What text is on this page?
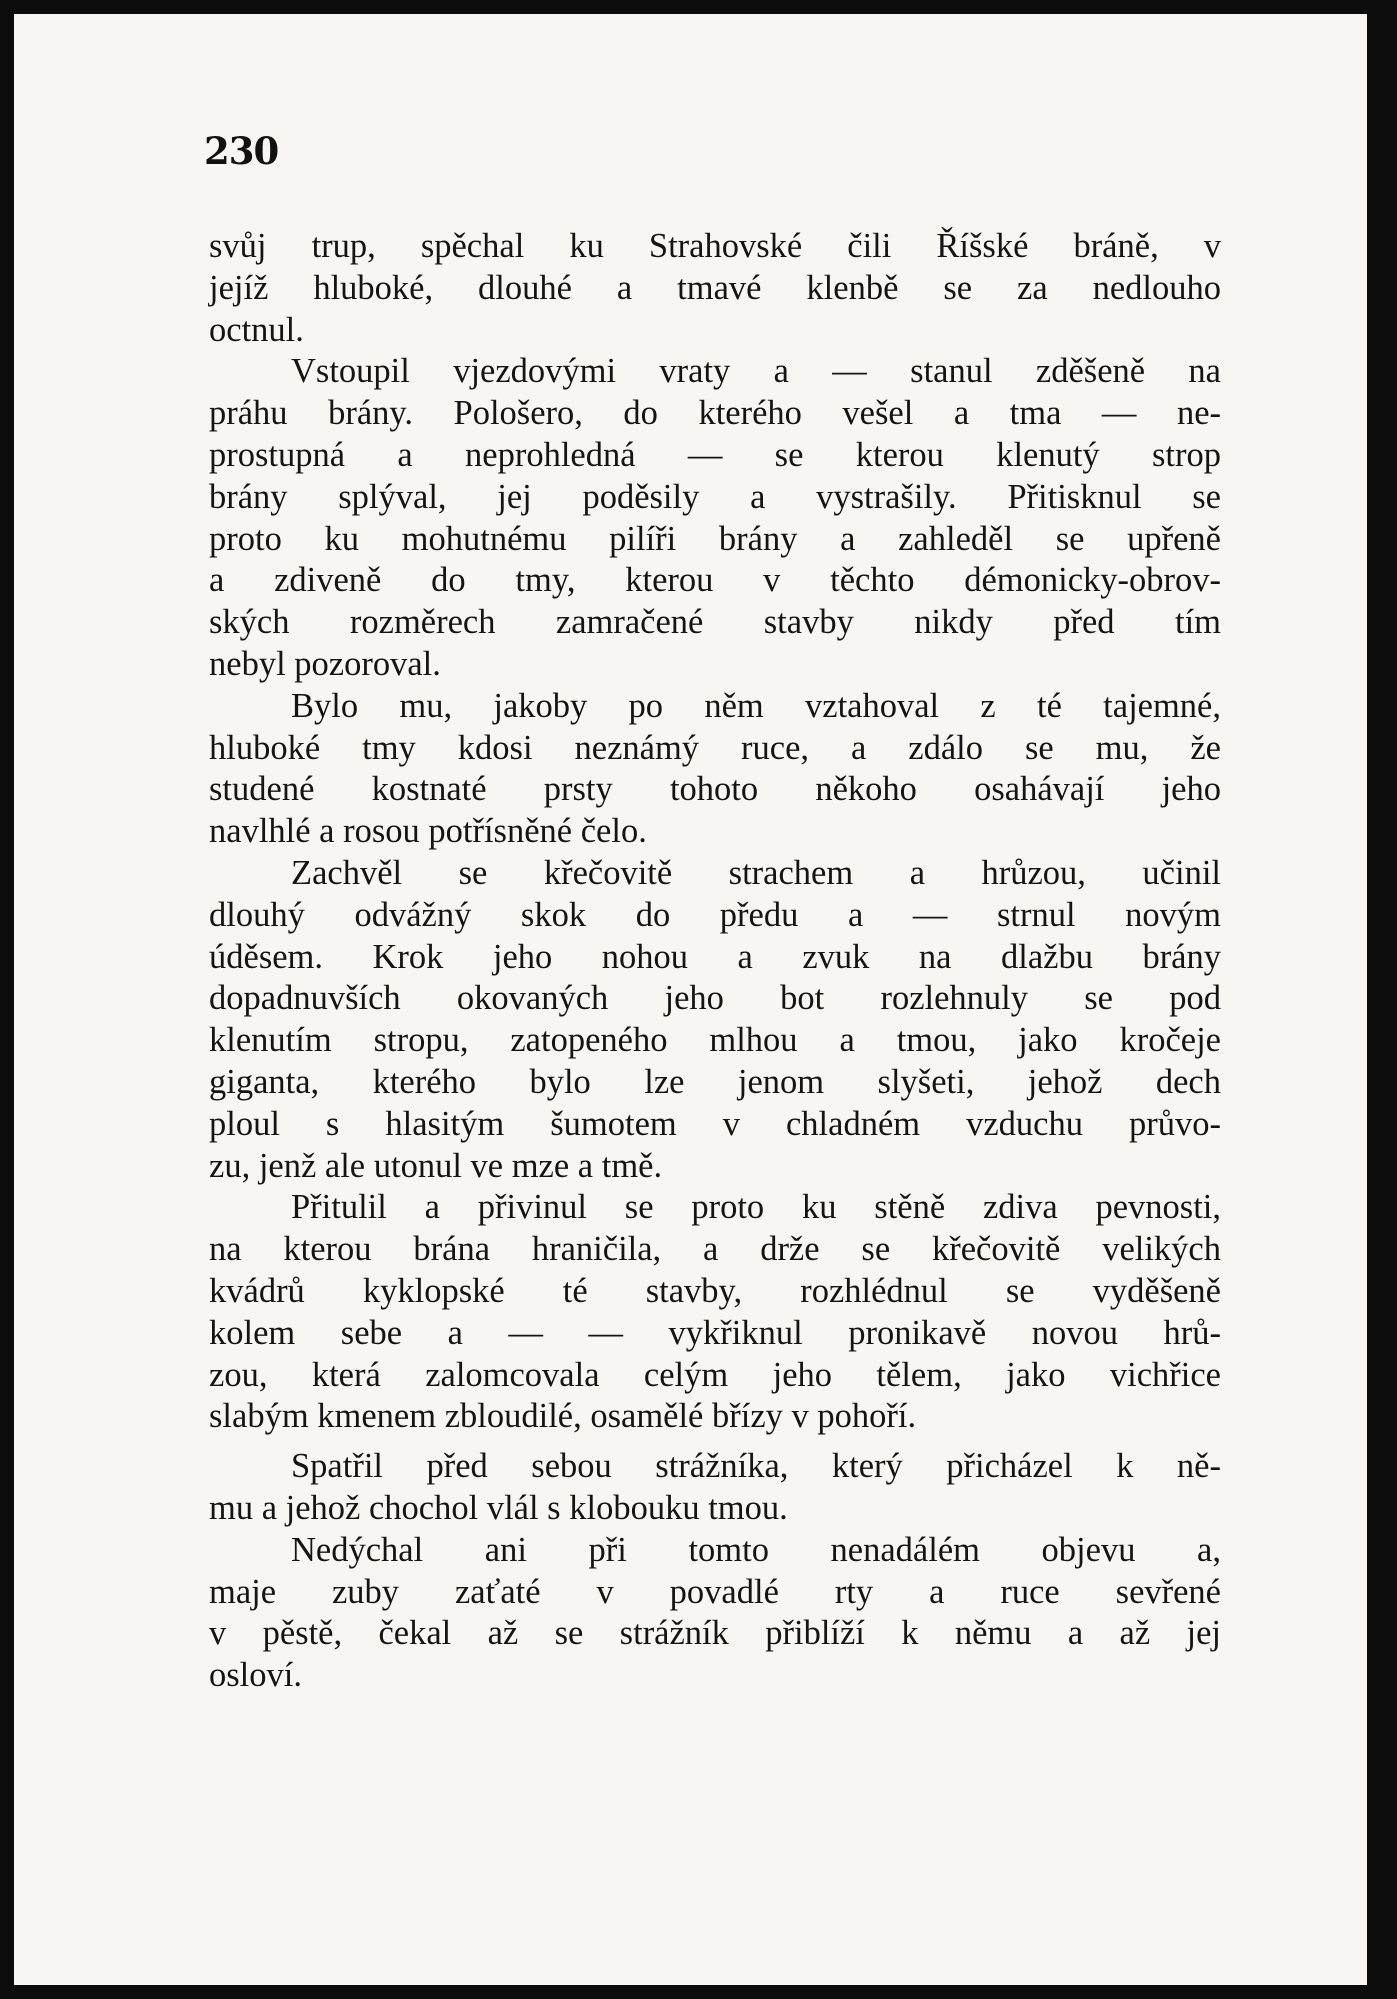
230
svůj trup, spěchal ku Strahovské čili Říšské bráně, v
jejíž hluboké, dlouhé a tmavé klenbě se za nedlouho
octnul.
Vstoupil vjezdovými vraty a — stanul zděšeně na
práhu brány. Pološero, do kterého vešel a tma — ne-
prostupná a neprohledná — se kterou klenutý strop
brány splýval, jej poděsily a vystrašily. Přitisknul se
proto ku mohutnému pilíři brány a zahleděl se upřeně
a zdiveně do tmy, kterou v těchto démonicky-obrov-
ských rozměrech zamračené stavby nikdy před tím
nebyl pozoroval.
Bylo mu, jakoby po něm vztahoval z té tajemné,
hluboké tmy kdosi neznámý ruce, a zdálo se mu, že
studené kostnaté prsty tohoto někoho osahávají jeho
navlhlé a rosou potřísněné čelo.
Zachvěl se křečovitě strachem a hrůzou, učinil
dlouhý odvážný skok do předu a — strnul novým
úděsem. Krok jeho nohou a zvuk na dlažbu brány
dopadnuvších okovaných jeho bot rozlehnuly se pod
klenutím stropu, zatopeného mlhou a tmou, jako kročeje
giganta, kterého bylo lze jenom slyšeti, jehož dech
ploul s hlasitým šumotem v chladném vzduchu průvo-
zu, jenž ale utonul ve mze a tmě.
Přitulil a přivinul se proto ku stěně zdiva pevnosti,
na kterou brána hraničila, a drže se křečovitě velikých
kvádrů kyklopské té stavby, rozhlédnul se vyděšeně
kolem sebe a — — vykřiknul pronikavě novou hrů-
zou, která zalomcovala celým jeho tělem, jako vichřice
slabým kmenem zbloudilé, osamělé břízy v pohoří.
Spatřil před sebou strážníka, který přicházel k ně-
mu a jehož chochol vlál s klobouku tmou.
Nedýchal ani při tomto nenadálém objevu a,
maje zuby zaťaté v povadlé rty a ruce sevřené
v pěstě, čekal až se strážník přiblíží k němu a až jej
osloví.
